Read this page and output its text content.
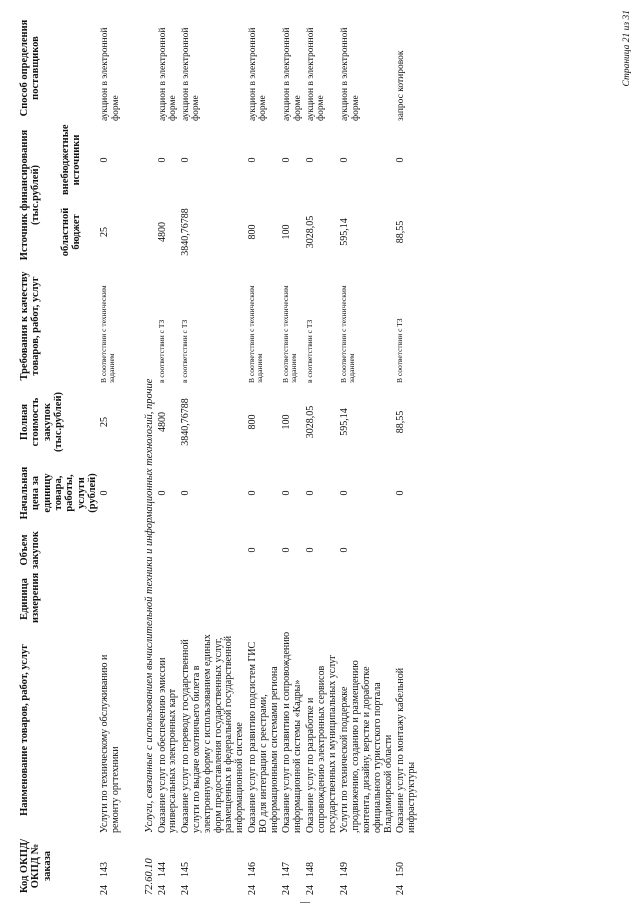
Код ОКПД/ ОКПД № заказа	Наименование товаров, работ, услуг	Единица измерения	Объем закупок	Начальная цена за единицу товара, работы, услуги (рублей)	Полная стоимость закупок (тыс.рублей)	Требования к качеству товаров, работ, услуг	Источник финансирования (тыс.рублей)		Способ определения поставщиков
							областной бюджет	внебюджетные источники	
24143	Услуги по техническому обслуживанию и ремонту оргтехники			0	25	В соответствии с техническим заданием	25	0	аукцион в электронной форме
72.60.10	Услуги, связанные с использованием вычислительной техники и информационных технологий, прочие								
24144	Оказание услуг по обеспечению эмиссии универсальных электронных карт			0	4800	в соответствии с ТЗ	4800	0	аукцион в электронной форме
24145	Оказание услуг по переводу государственной услуги по выдаче охотничьего билета в электронную форму с использованием единых форм предоставления государственных услуг, размещенных в федеральной государственной информационной системе			0	3840,76788	в соответствии с ТЗ	3840,76788	0	аукцион в электронной форме
24146	Оказание услуг по развитию подсистем ГИС ВО для интеграции с реестрами, информационными системами региона		0	0	800	В соответствии с техническим заданием	800	0	аукцион в электронной форме
24147	Оказание услуг по развитию и сопровождению информационной системы «Кадры»		0	0	100	В соответствии с техническим заданием	100	0	аукцион в электронной форме
24148	Оказание услуг по разработке и сопровождению электронных сервисов государственных и муниципальных услуг		0	0	3028,05	в соответствии с ТЗ	3028,05	0	аукцион в электронной форме
24149	Услуги по технической поддержке ,продвижению, созданию и размещению контента, дизайну, верстке и доработке официального туристского портала Владимирской области		0	0	595,14	В соответствии с техническим заданием	595,14	0	аукцион в электронной форме
24150	Оказание услуг по монтажу кабельной инфраструктуры			0	88,55	В соответствии с ТЗ	88,55	0	запрос котировок	Страница 21 из 31
